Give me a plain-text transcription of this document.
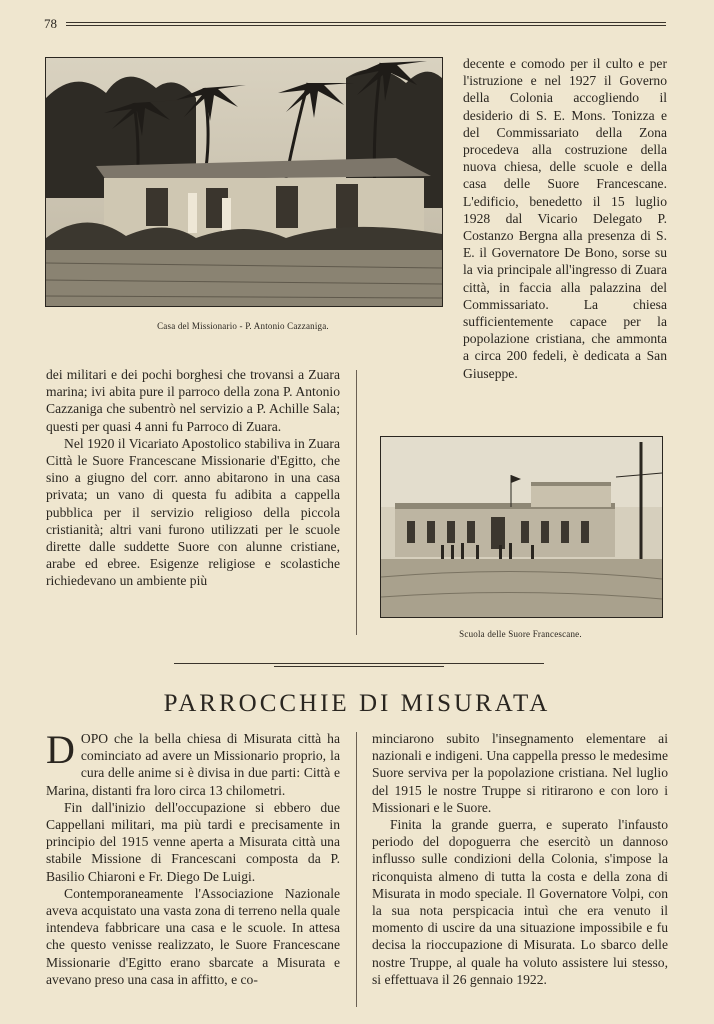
78
Casa del Missionario - P. Antonio Cazzaniga.

decente e comodo per il culto e per l'istruzione e nel 1927 il Governo della Colonia accogliendo il desiderio di S. E. Mons. Tonizza e del Commissariato della Zona procedeva alla costruzione della nuova chiesa, delle scuole e della casa delle Suore Francescane. L'edificio, benedetto il 15 luglio 1928 dal Vicario Delegato P. Costanzo Bergna alla presenza di S. E. il Governatore De Bono, sorse su la via principale all'ingresso di Zuara città, in faccia alla palazzina del Commissariato. La chiesa sufficientemente capace per la popolazione cristiana, che ammonta a circa 200 fedeli, è dedicata a San Giuseppe.

dei militari e dei pochi borghesi che trovansi a Zuara marina; ivi abita pure il parroco della zona P. Antonio Cazzaniga che subentrò nel servizio a P. Achille Sala; questi per quasi 4 anni fu Parroco di Zuara.

Nel 1920 il Vicariato Apostolico stabiliva in Zuara Città le Suore Francescane Missionarie d'Egitto, che sino a giugno del corr. anno abitarono in una casa privata; un vano di questa fu adibita a cappella pubblica per il servizio religioso della piccola cristianità; altri vani furono utilizzati per le scuole dirette dalle suddette Suore con alunne cristiane, arabe ed ebree. Esigenze religiose e scolastiche richiedevano un ambiente più

Scuola delle Suore Francescane.
PARROCCHIE DI MISURATA

DOPO che la bella chiesa di Misurata città ha cominciato ad avere un Missionario proprio, la cura delle anime si è divisa in due parti: Città e Marina, distanti fra loro circa 13 chilometri.

Fin dall'inizio dell'occupazione si ebbero due Cappellani militari, ma più tardi e precisamente in principio del 1915 venne aperta a Misurata città una stabile Missione di Francescani composta da P. Basilio Chiaroni e Fr. Diego De Luigi.

Contemporaneamente l'Associazione Nazionale aveva acquistato una vasta zona di terreno nella quale intendeva fabbricare una casa e le scuole. In attesa che questo venisse realizzato, le Suore Francescane Missionarie d'Egitto erano sbarcate a Misurata e avevano preso una casa in affitto, e co-

minciarono subito l'insegnamento elementare ai nazionali e indigeni. Una cappella presso le medesime Suore serviva per la popolazione cristiana. Nel luglio del 1915 le nostre Truppe si ritirarono e con loro i Missionari e le Suore.

Finita la grande guerra, e superato l'infausto periodo del dopoguerra che esercitò un dannoso influsso sulle condizioni della Colonia, s'impose la riconquista almeno di tutta la costa e della zona di Misurata in modo speciale. Il Governatore Volpi, con la sua nota perspicacia intuì che era venuto il momento di uscire da una situazione impossibile e fu decisa la rioccupazione di Misurata. Lo sbarco delle nostre Truppe, al quale ha voluto assistere lui stesso, si effettuava il 26 gennaio 1922.
